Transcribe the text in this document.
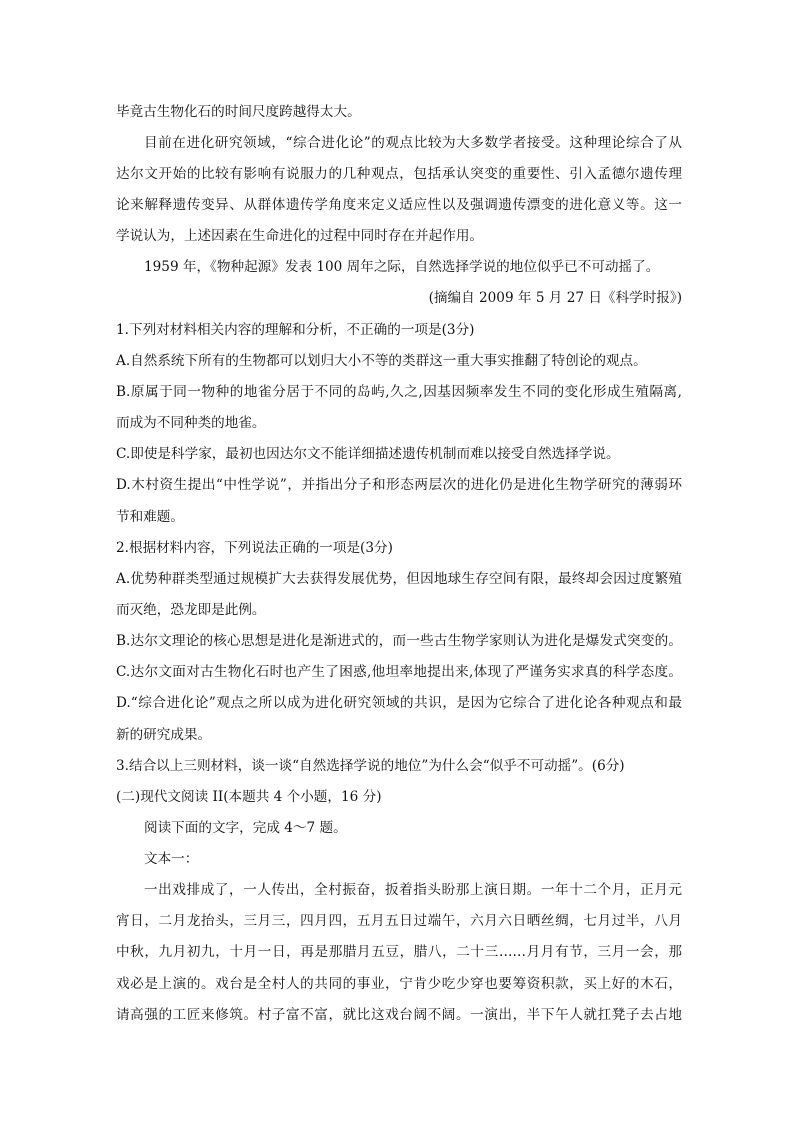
毕竟古生物化石的时间尺度跨越得太大。
目前在进化研究领域，“综合进化论”的观点比较为大多数学者接受。这种理论综合了从
达尔文开始的比较有影响有说服力的几种观点，包括承认突变的重要性、引入孟德尔遗传理
论来解释遗传变异、从群体遗传学角度来定义适应性以及强调遗传漂变的进化意义等。这一
学说认为，上述因素在生命进化的过程中同时存在并起作用。
1959 年，《物种起源》发表 100 周年之际，自然选择学说的地位似乎已不可动摇了。
(摘编自 2009 年 5 月 27 日《科学时报》)
1.下列对材料相关内容的理解和分析，不正确的一项是(3分)
A.自然系统下所有的生物都可以划归大小不等的类群这一重大事实推翻了特创论的观点。
B.原属于同一物种的地雀分居于不同的岛屿,久之,因基因频率发生不同的变化形成生殖隔离,
而成为不同种类的地雀。
C.即使是科学家，最初也因达尔文不能详细描述遗传机制而难以接受自然选择学说。
D.木村资生提出“中性学说”，并指出分子和形态两层次的进化仍是进化生物学研究的薄弱环
节和难题。
2.根据材料内容，下列说法正确的一项是(3分)
A.优势种群类型通过规模扩大去获得发展优势，但因地球生存空间有限，最终却会因过度繁殖
而灭绝，恐龙即是此例。
B.达尔文理论的核心思想是进化是渐进式的，而一些古生物学家则认为进化是爆发式突变的。
C.达尔文面对古生物化石时也产生了困惑,他坦率地提出来,体现了严谨务实求真的科学态度。
D.“综合进化论”观点之所以成为进化研究领域的共识，是因为它综合了进化论各种观点和最
新的研究成果。
3.结合以上三则材料，谈一谈“自然选择学说的地位”为什么会“似乎不可动摇”。(6分)
(二)现代文阅读 II(本题共 4 个小题，16 分)
阅读下面的文字，完成 4～7 题。
文本一：
一出戏排成了，一人传出，全村振奋，扳着指头盼那上演日期。一年十二个月，正月元
宵日，二月龙抬头，三月三，四月四，五月五日过端午，六月六日晒丝绸，七月过半，八月
中秋，九月初九，十月一日，再是那腊月五豆，腊八，二十三……月月有节，三月一会，那
戏必是上演的。戏台是全村人的共同的事业，宁肯少吃少穿也要筹资积款，买上好的木石，
请高强的工匠来修筑。村子富不富，就比这戏台阔不阔。一演出，半下午人就扛凳子去占地
